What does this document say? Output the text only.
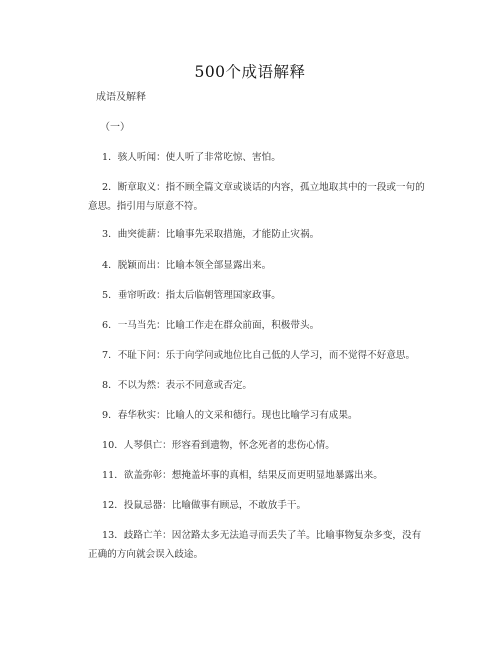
500个成语解释
成语及解释
（一）
1．骇人听闻：使人听了非常吃惊、害怕。
2．断章取义：指不顾全篇文章或谈话的内容，孤立地取其中的一段或一句的
意思。指引用与原意不符。
3．曲突徙薪：比喻事先采取措施，才能防止灾祸。
4．脱颖而出：比喻本领全部显露出来。
5．垂帘听政：指太后临朝管理国家政事。
6．一马当先：比喻工作走在群众前面，积极带头。
7．不耻下问：乐于向学问或地位比自己低的人学习，而不觉得不好意思。
8．不以为然：表示不同意或否定。
9．春华秋实：比喻人的文采和德行。现也比喻学习有成果。
10．人琴俱亡：形容看到遗物，怀念死者的悲伤心情。
11．欲盖弥彰：想掩盖坏事的真相，结果反而更明显地暴露出来。
12．投鼠忌器：比喻做事有顾忌，不敢放手干。
13．歧路亡羊：因岔路太多无法追寻而丢失了羊。比喻事物复杂多变，没有
正确的方向就会误入歧途。
